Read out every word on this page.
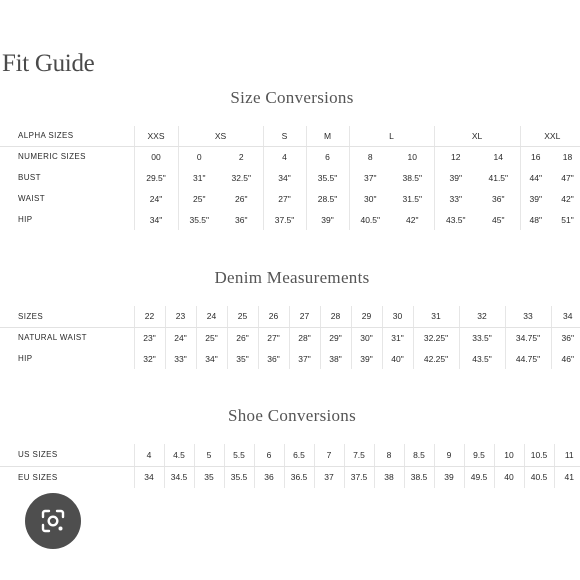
Fit Guide
Size Conversions
ALPHA SIZES	XXS	XS		S	M	L		XL		XXL	
NUMERIC SIZES	00	0	2	4	6	8	10	12	14	16	18
BUST	29.5"	31"	32.5"	34"	35.5"	37"	38.5"	39"	41.5"	44"	47"
WAIST	24"	25"	26"	27"	28.5"	30"	31.5"	33"	36"	39"	42"
HIP	34"	35.5"	36"	37.5"	39"	40.5"	42"	43.5"	45"	48"	51"
Denim Measurements
SIZES	22	23	24	25	26	27	28	29	30	31	32	33	34
NATURAL WAIST	23"	24"	25"	26"	27"	28"	29"	30"	31"	32.25"	33.5"	34.75"	36"
HIP	32"	33"	34"	35"	36"	37"	38"	39"	40"	42.25"	43.5"	44.75"	46"
Shoe Conversions
US SIZES	4	4.5	5	5.5	6	6.5	7	7.5	8	8.5	9	9.5	10	10.5	11
EU SIZES	34	34.5	35	35.5	36	36.5	37	37.5	38	38.5	39	49.5	40	40.5	41
